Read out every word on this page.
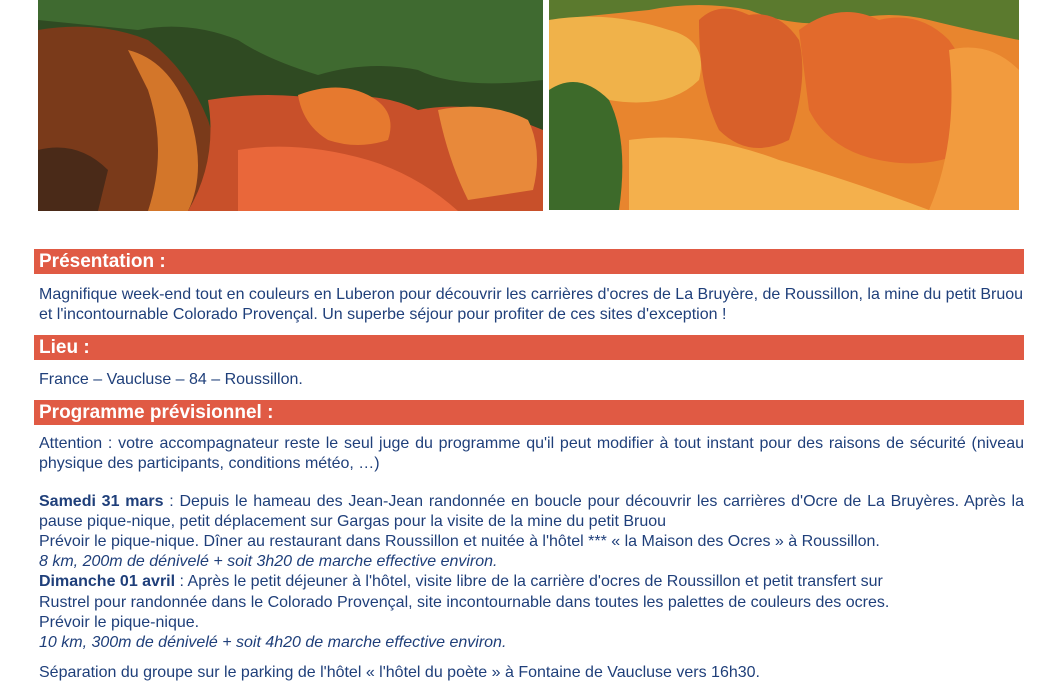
Présentation :
Magnifique week-end tout en couleurs en Luberon pour découvrir les carrières d'ocres de La Bruyère, de Roussillon, la mine du petit Bruou et l'incontournable Colorado Provençal. Un superbe séjour pour profiter de ces sites d'exception !
Lieu :
France – Vaucluse – 84 – Roussillon.
Programme prévisionnel :
Attention : votre accompagnateur reste le seul juge du programme qu'il peut modifier à tout instant pour des raisons de sécurité (niveau physique des participants, conditions météo, …)
Samedi 31 mars : Depuis le hameau des Jean-Jean randonnée en boucle pour découvrir les carrières d'Ocre de La Bruyères. Après la pause pique-nique, petit déplacement sur Gargas pour la visite de la mine du petit Bruou
Prévoir le pique-nique. Dîner au restaurant dans Roussillon et nuitée à l'hôtel *** « la Maison des Ocres » à Roussillon.
8 km, 200m de dénivelé + soit 3h20 de marche effective environ.
Dimanche 01 avril : Après le petit déjeuner à l'hôtel, visite libre de la carrière d'ocres de Roussillon et petit transfert sur
Rustrel pour randonnée dans le Colorado Provençal, site incontournable dans toutes les palettes de couleurs des ocres.
Prévoir le pique-nique.
10 km, 300m de dénivelé + soit 4h20 de marche effective environ.
Séparation du groupe sur le parking de l'hôtel « l'hôtel du poète » à Fontaine de Vaucluse vers 16h30.
